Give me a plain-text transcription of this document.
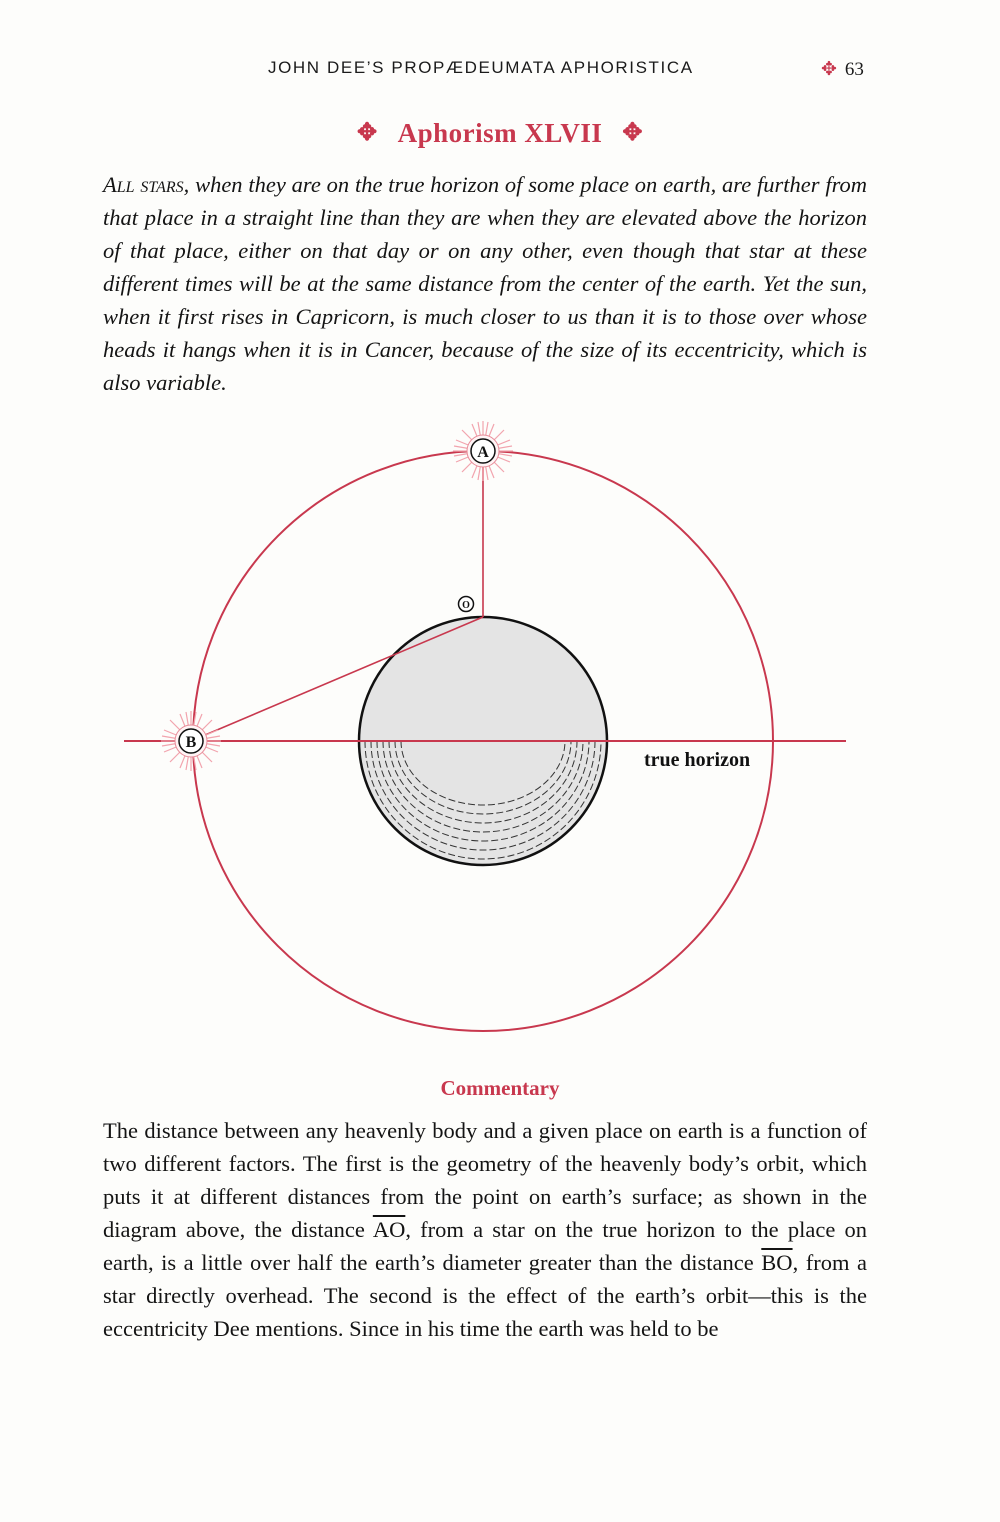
JOHN DEE’S PROPÆDEUMATA APHORISTICA	✥ 63
✥ Aphorism XLVII ✥

All stars, when they are on the true horizon of some place on earth, are further from that place in a straight line than they are when they are elevated above the horizon of that place, either on that day or on any other, even though that star at these different times will be at the same distance from the center of the earth. Yet the sun, when it first rises in Capricorn, is much closer to us than it is to those over whose heads it hangs when it is in Cancer, because of the size of its eccentricity, which is also variable.

A
B
O
true horizon
Commentary

The distance between any heavenly body and a given place on earth is a function of two different factors. The first is the geometry of the heavenly body’s orbit, which puts it at different distances from the point on earth’s surface; as shown in the diagram above, the distance $\overline{AO}$, from a star on the true horizon to the place on earth, is a little over half the earth’s diameter greater than the distance $\overline{BO}$, from a star directly overhead. The second is the effect of the earth’s orbit—this is the eccentricity Dee mentions. Since in his time the earth was held to be
